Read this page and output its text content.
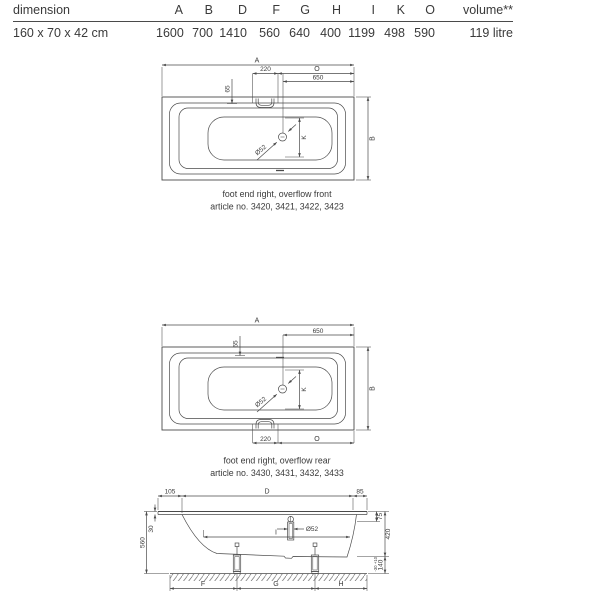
dimension	A	B	D	F	G	H	I	K	O	volume**
160 x 70 x 42 cm	1600 700 1410 560 640 400 1199 498 590	119 litre
A
220	O
650
65
B
K
Ø52
foot end right, overflow front
article no. 3420, 3421, 3422, 3423
A
650
65
B
K
Ø52
220	O
foot end right, overflow rear
article no. 3430, 3431, 3432, 3433
105	D	85
30
560
Ø52
I
75
420
140
+10
-30
F	G	H
